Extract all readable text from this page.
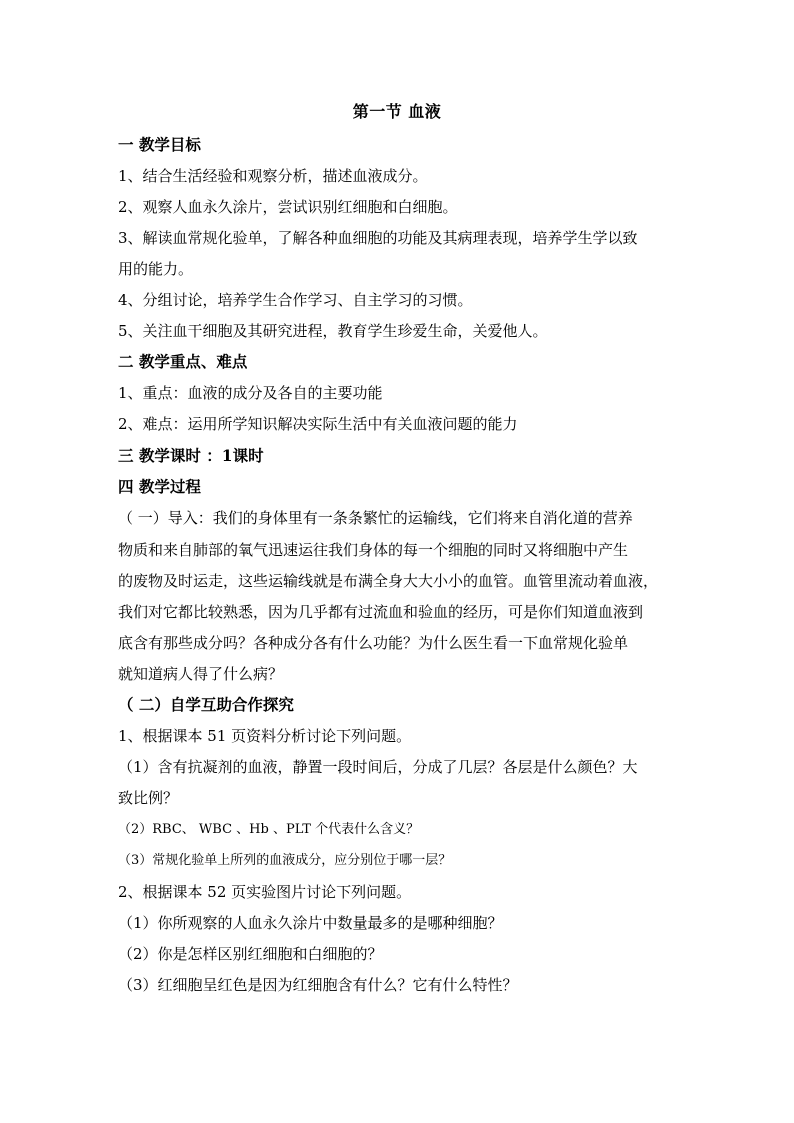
第一节 血液
一 教学目标
1、结合生活经验和观察分析，描述血液成分。
2、观察人血永久涂片，尝试识别红细胞和白细胞。
3、解读血常规化验单，了解各种血细胞的功能及其病理表现，培养学生学以致
用的能力。
4、分组讨论，培养学生合作学习、自主学习的习惯。
5、关注血干细胞及其研究进程，教育学生珍爱生命，关爱他人。
二 教学重点、难点
1、重点：血液的成分及各自的主要功能
2、难点：运用所学知识解决实际生活中有关血液问题的能力
三 教学课时 ：1课时
四 教学过程
（ 一）导入：我们的身体里有一条条繁忙的运输线，它们将来自消化道的营养
物质和来自肺部的氧气迅速运往我们身体的每一个细胞的同时又将细胞中产生
的废物及时运走，这些运输线就是布满全身大大小小的血管。血管里流动着血液，
我们对它都比较熟悉，因为几乎都有过流血和验血的经历，可是你们知道血液到
底含有那些成分吗？各种成分各有什么功能？为什么医生看一下血常规化验单
就知道病人得了什么病？
（ 二）自学互助合作探究
1、根据课本 51 页资料分析讨论下列问题。
（1）含有抗凝剂的血液，静置一段时间后，分成了几层？各层是什么颜色？大
致比例？
（2）RBC、 WBC 、Hb 、PLT 个代表什么含义？
（3）常规化验单上所列的血液成分，应分别位于哪一层？
2、根据课本 52 页实验图片讨论下列问题。
（1）你所观察的人血永久涂片中数量最多的是哪种细胞？
（2）你是怎样区别红细胞和白细胞的？
（3）红细胞呈红色是因为红细胞含有什么？它有什么特性？
